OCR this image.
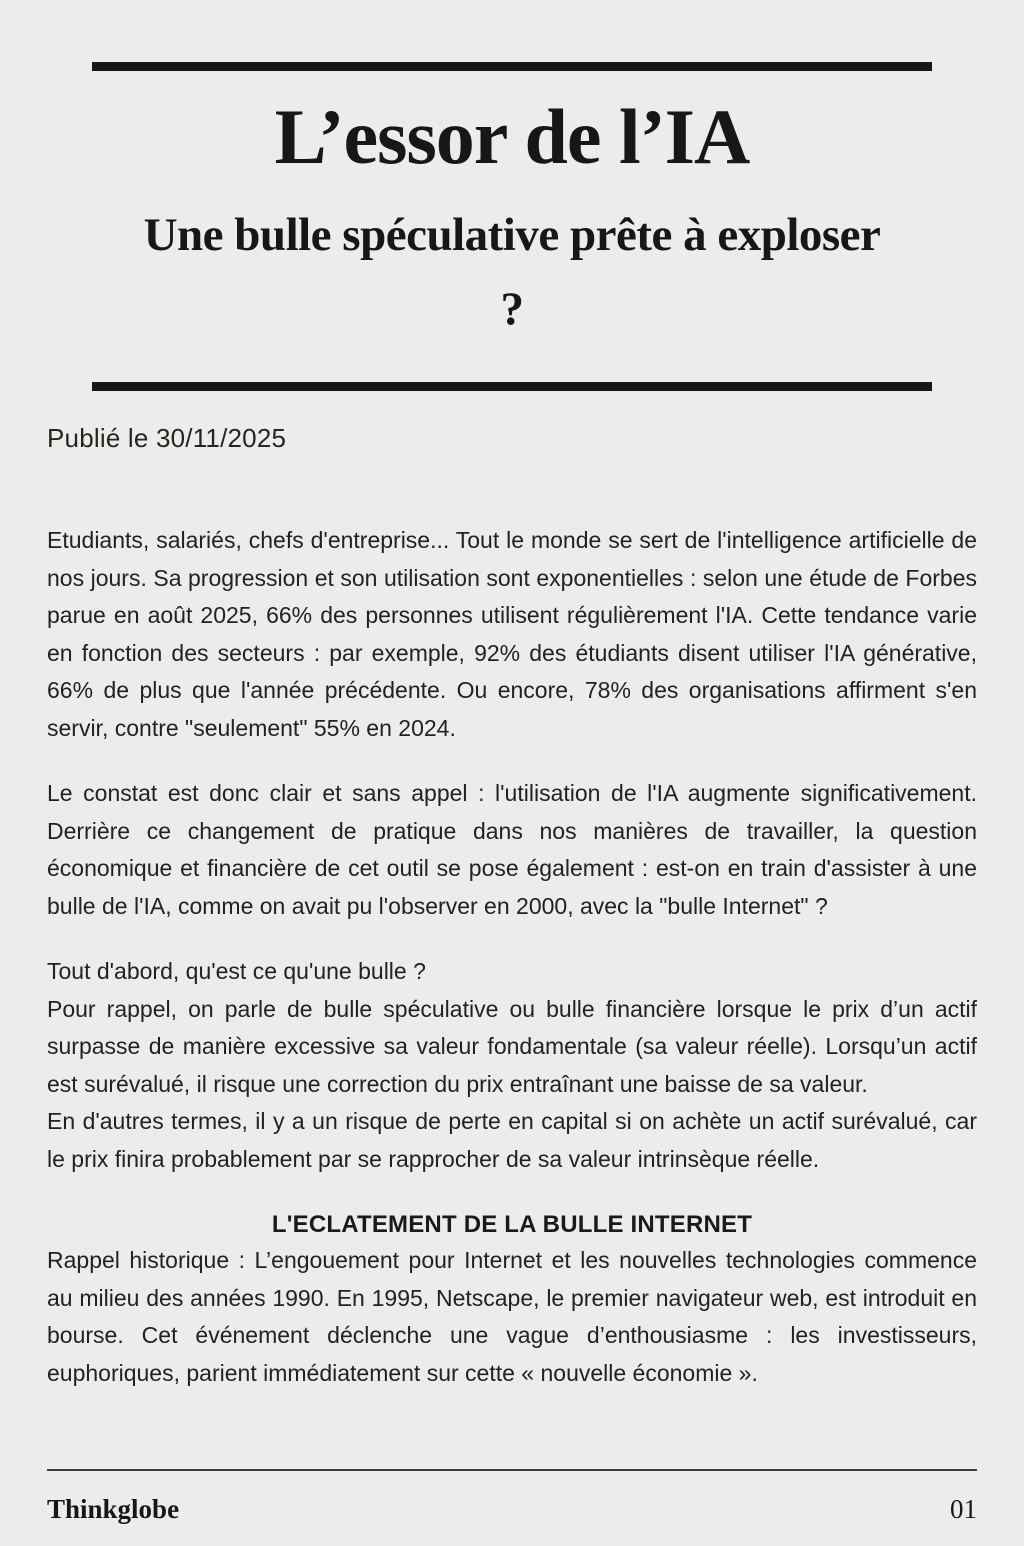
L’essor de l’IA
Une bulle spéculative prête à exploser ?
Publié le 30/11/2025

Etudiants, salariés, chefs d'entreprise... Tout le monde se sert de l'intelligence artificielle de nos jours. Sa progression et son utilisation sont exponentielles : selon une étude de Forbes parue en août 2025, 66% des personnes utilisent régulièrement l'IA. Cette tendance varie en fonction des secteurs : par exemple, 92% des étudiants disent utiliser l'IA générative, 66% de plus que l'année précédente. Ou encore, 78% des organisations affirment s'en servir, contre "seulement" 55% en 2024.

Le constat est donc clair et sans appel : l'utilisation de l'IA augmente significativement. Derrière ce changement de pratique dans nos manières de travailler, la question économique et financière de cet outil se pose également : est-on en train d'assister à une bulle de l'IA, comme on avait pu l'observer en 2000, avec la "bulle Internet" ?

Tout d'abord, qu'est ce qu'une bulle ?
Pour rappel, on parle de bulle spéculative ou bulle financière lorsque le prix d’un actif surpasse de manière excessive sa valeur fondamentale (sa valeur réelle). Lorsqu’un actif est surévalué, il risque une correction du prix entraînant une baisse de sa valeur.
En d'autres termes, il y a un risque de perte en capital si on achète un actif surévalué, car le prix finira probablement par se rapprocher de sa valeur intrinsèque réelle.
L'ECLATEMENT DE LA BULLE INTERNET

Rappel historique : L’engouement pour Internet et les nouvelles technologies commence au milieu des années 1990. En 1995, Netscape, le premier navigateur web, est introduit en bourse. Cet événement déclenche une vague d’enthousiasme : les investisseurs, euphoriques, parient immédiatement sur cette « nouvelle économie ».

Thinkglobe	01
